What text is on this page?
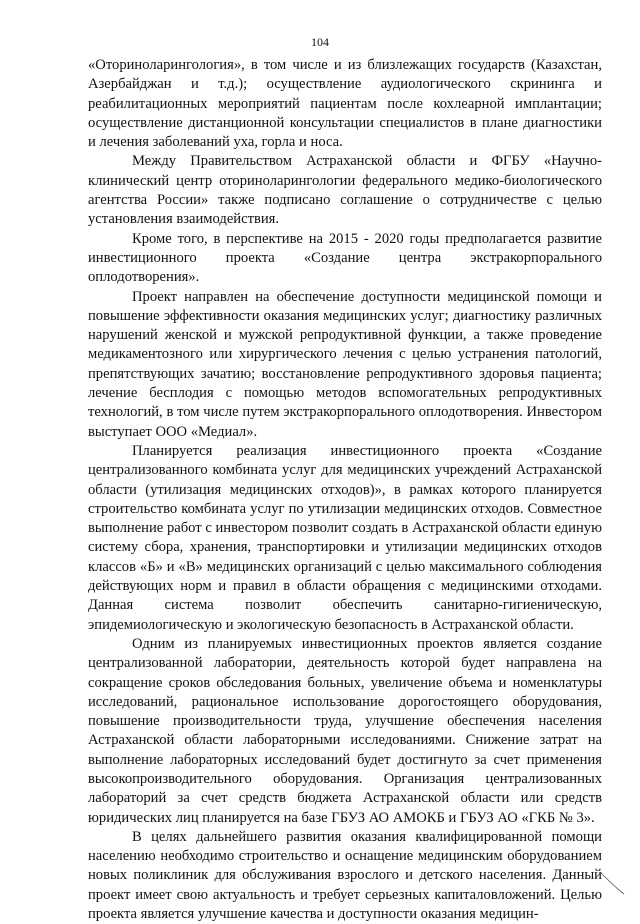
104

«Оториноларингология», в том числе и из близлежащих государств (Казахстан, Азербайджан и т.д.); осуществление аудиологического скрининга и реабилитационных мероприятий пациентам после кохлеарной имплантации; осуществление дистанционной консультации специалистов в плане диагностики и лечения заболеваний уха, горла и носа.

Между Правительством Астраханской области и ФГБУ «Научно-клинический центр оториноларингологии федерального медико-биологического агентства России» также подписано соглашение о сотрудничестве с целью установления взаимодействия.

Кроме того, в перспективе на 2015 - 2020 годы предполагается развитие инвестиционного проекта «Создание центра экстракорпорального оплодотворения».

Проект направлен на обеспечение доступности медицинской помощи и повышение эффективности оказания медицинских услуг; диагностику различных нарушений женской и мужской репродуктивной функции, а также проведение медикаментозного или хирургического лечения с целью устранения патологий, препятствующих зачатию; восстановление репродуктивного здоровья пациента; лечение бесплодия с помощью методов вспомогательных репродуктивных технологий, в том числе путем экстракорпорального оплодотворения. Инвестором выступает ООО «Медиал».

Планируется реализация инвестиционного проекта «Создание централизованного комбината услуг для медицинских учреждений Астраханской области (утилизация медицинских отходов)», в рамках которого планируется строительство комбината услуг по утилизации медицинских отходов. Совместное выполнение работ с инвестором позволит создать в Астраханской области единую систему сбора, хранения, транспортировки и утилизации медицинских отходов классов «Б» и «В» медицинских организаций с целью максимального соблюдения действующих норм и правил в области обращения с медицинскими отходами. Данная система позволит обеспечить санитарно-гигиеническую, эпидемиологическую и экологическую безопасность в Астраханской области.

Одним из планируемых инвестиционных проектов является создание централизованной лаборатории, деятельность которой будет направлена на сокращение сроков обследования больных, увеличение объема и номенклатуры исследований, рациональное использование дорогостоящего оборудования, повышение производительности труда, улучшение обеспечения населения Астраханской области лабораторными исследованиями. Снижение затрат на выполнение лабораторных исследований будет достигнуто за счет применения высокопроизводительного оборудования. Организация централизованных лабораторий за счет средств бюджета Астраханской области или средств юридических лиц планируется на базе ГБУЗ АО АМОКБ и ГБУЗ АО «ГКБ № 3».

В целях дальнейшего развития оказания квалифицированной помощи населению необходимо строительство и оснащение медицинским оборудованием новых поликлиник для обслуживания взрослого и детского населения. Данный проект имеет свою актуальность и требует серьезных капиталовложений. Целью проекта является улучшение качества и доступности оказания медицин-
